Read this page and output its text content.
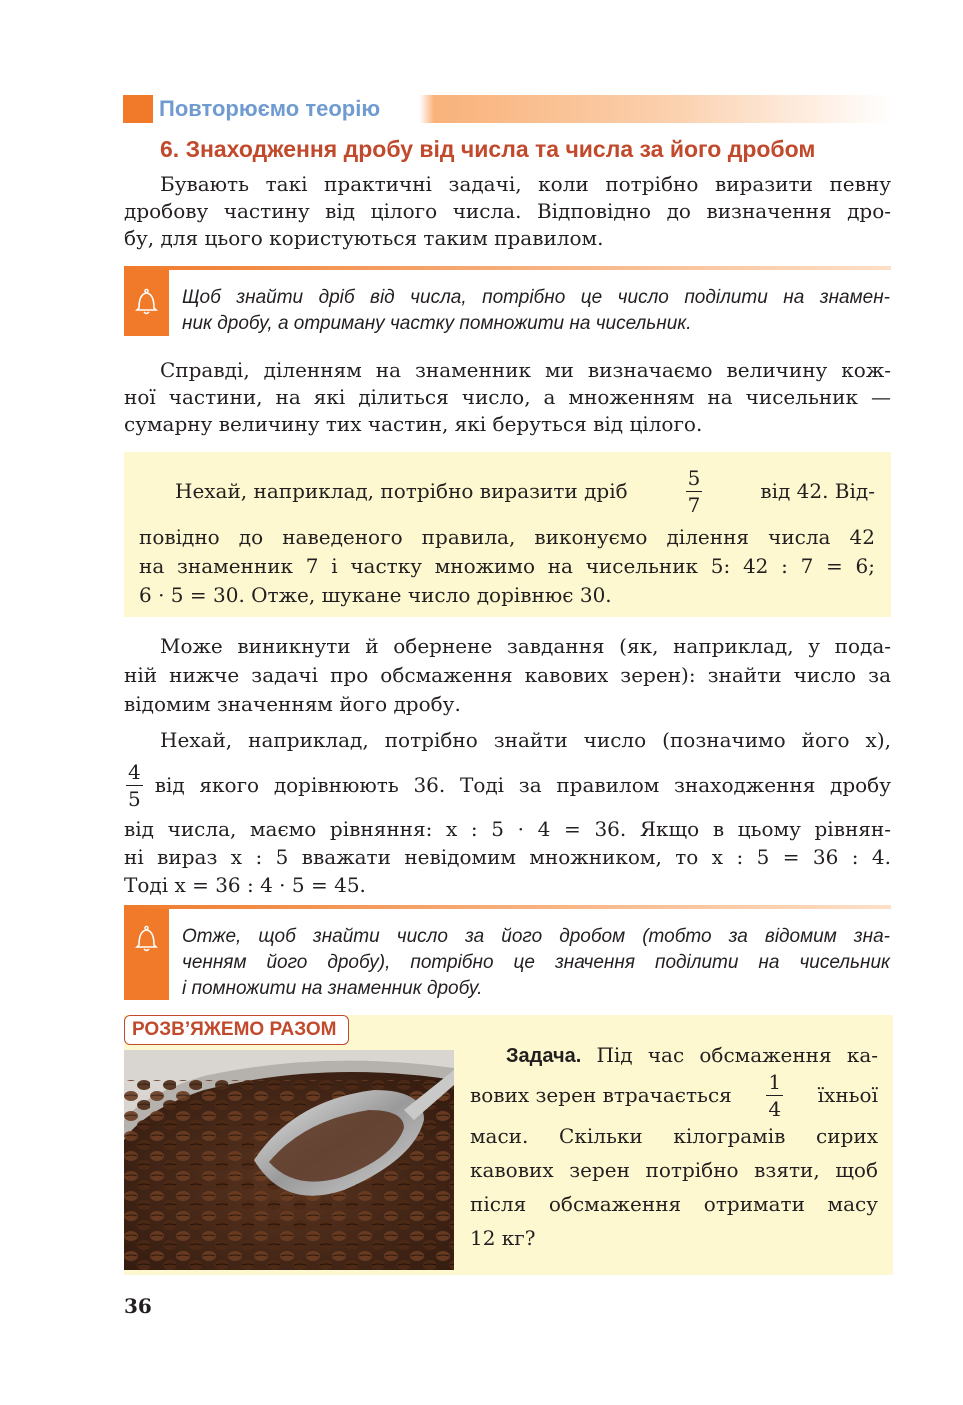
Повторюємо теорію
6. Знаходження дробу від числа та числа за його дробом
Бувають такі практичні задачі, коли потрібно виразити певну
дробову частину від цілого числа. Відповідно до визначення дро-
бу, для цього користуються таким правилом.
Щоб знайти дріб від числа, потрібно це число поділити на знамен-
ник дробу, а отриману частку помножити на чисельник.
Справді, діленням на знаменник ми визначаємо величину кож-
ної частини, на які ділиться число, а множенням на чисельник —
сумарну величину тих частин, які беруться від цілого.
Нехай, наприклад, потрібно виразити дріб	$\frac{5}{7}$	від 42. Від-
повідно до наведеного правила, виконуємо ділення числа 42
на знаменник 7 і частку множимо на чисельник 5: 42 : 7 = 6;
6 · 5 = 30. Отже, шукане число дорівнює 30.
Може виникнути й обернене завдання (як, наприклад, у пода-
ній нижче задачі про обсмаження кавових зерен): знайти число за
відомим значенням його дробу.
Нехай, наприклад, потрібно знайти число (позначимо його x),
$\frac{4}{5}$ від якого дорівнюють 36. Тоді за правилом знаходження дробу
від числа, маємо рівняння: x : 5 · 4 = 36. Якщо в цьому рівнян-
ні вираз x : 5 вважати невідомим множником, то x : 5 = 36 : 4.
Тоді x = 36 : 4 · 5 = 45.
Отже, щоб знайти число за його дробом (тобто за відомим зна-
ченням його дробу), потрібно це значення поділити на чисельник
і помножити на знаменник дробу.
РОЗВ’ЯЖЕМО РАЗОМ
Задача. Під час обсмаження ка-
вових зерен втрачається $\frac{1}{4}$ їхньої
маси. Скільки кілограмів сирих
кавових зерен потрібно взяти, щоб
після обсмаження отримати масу
12 кг?
36
